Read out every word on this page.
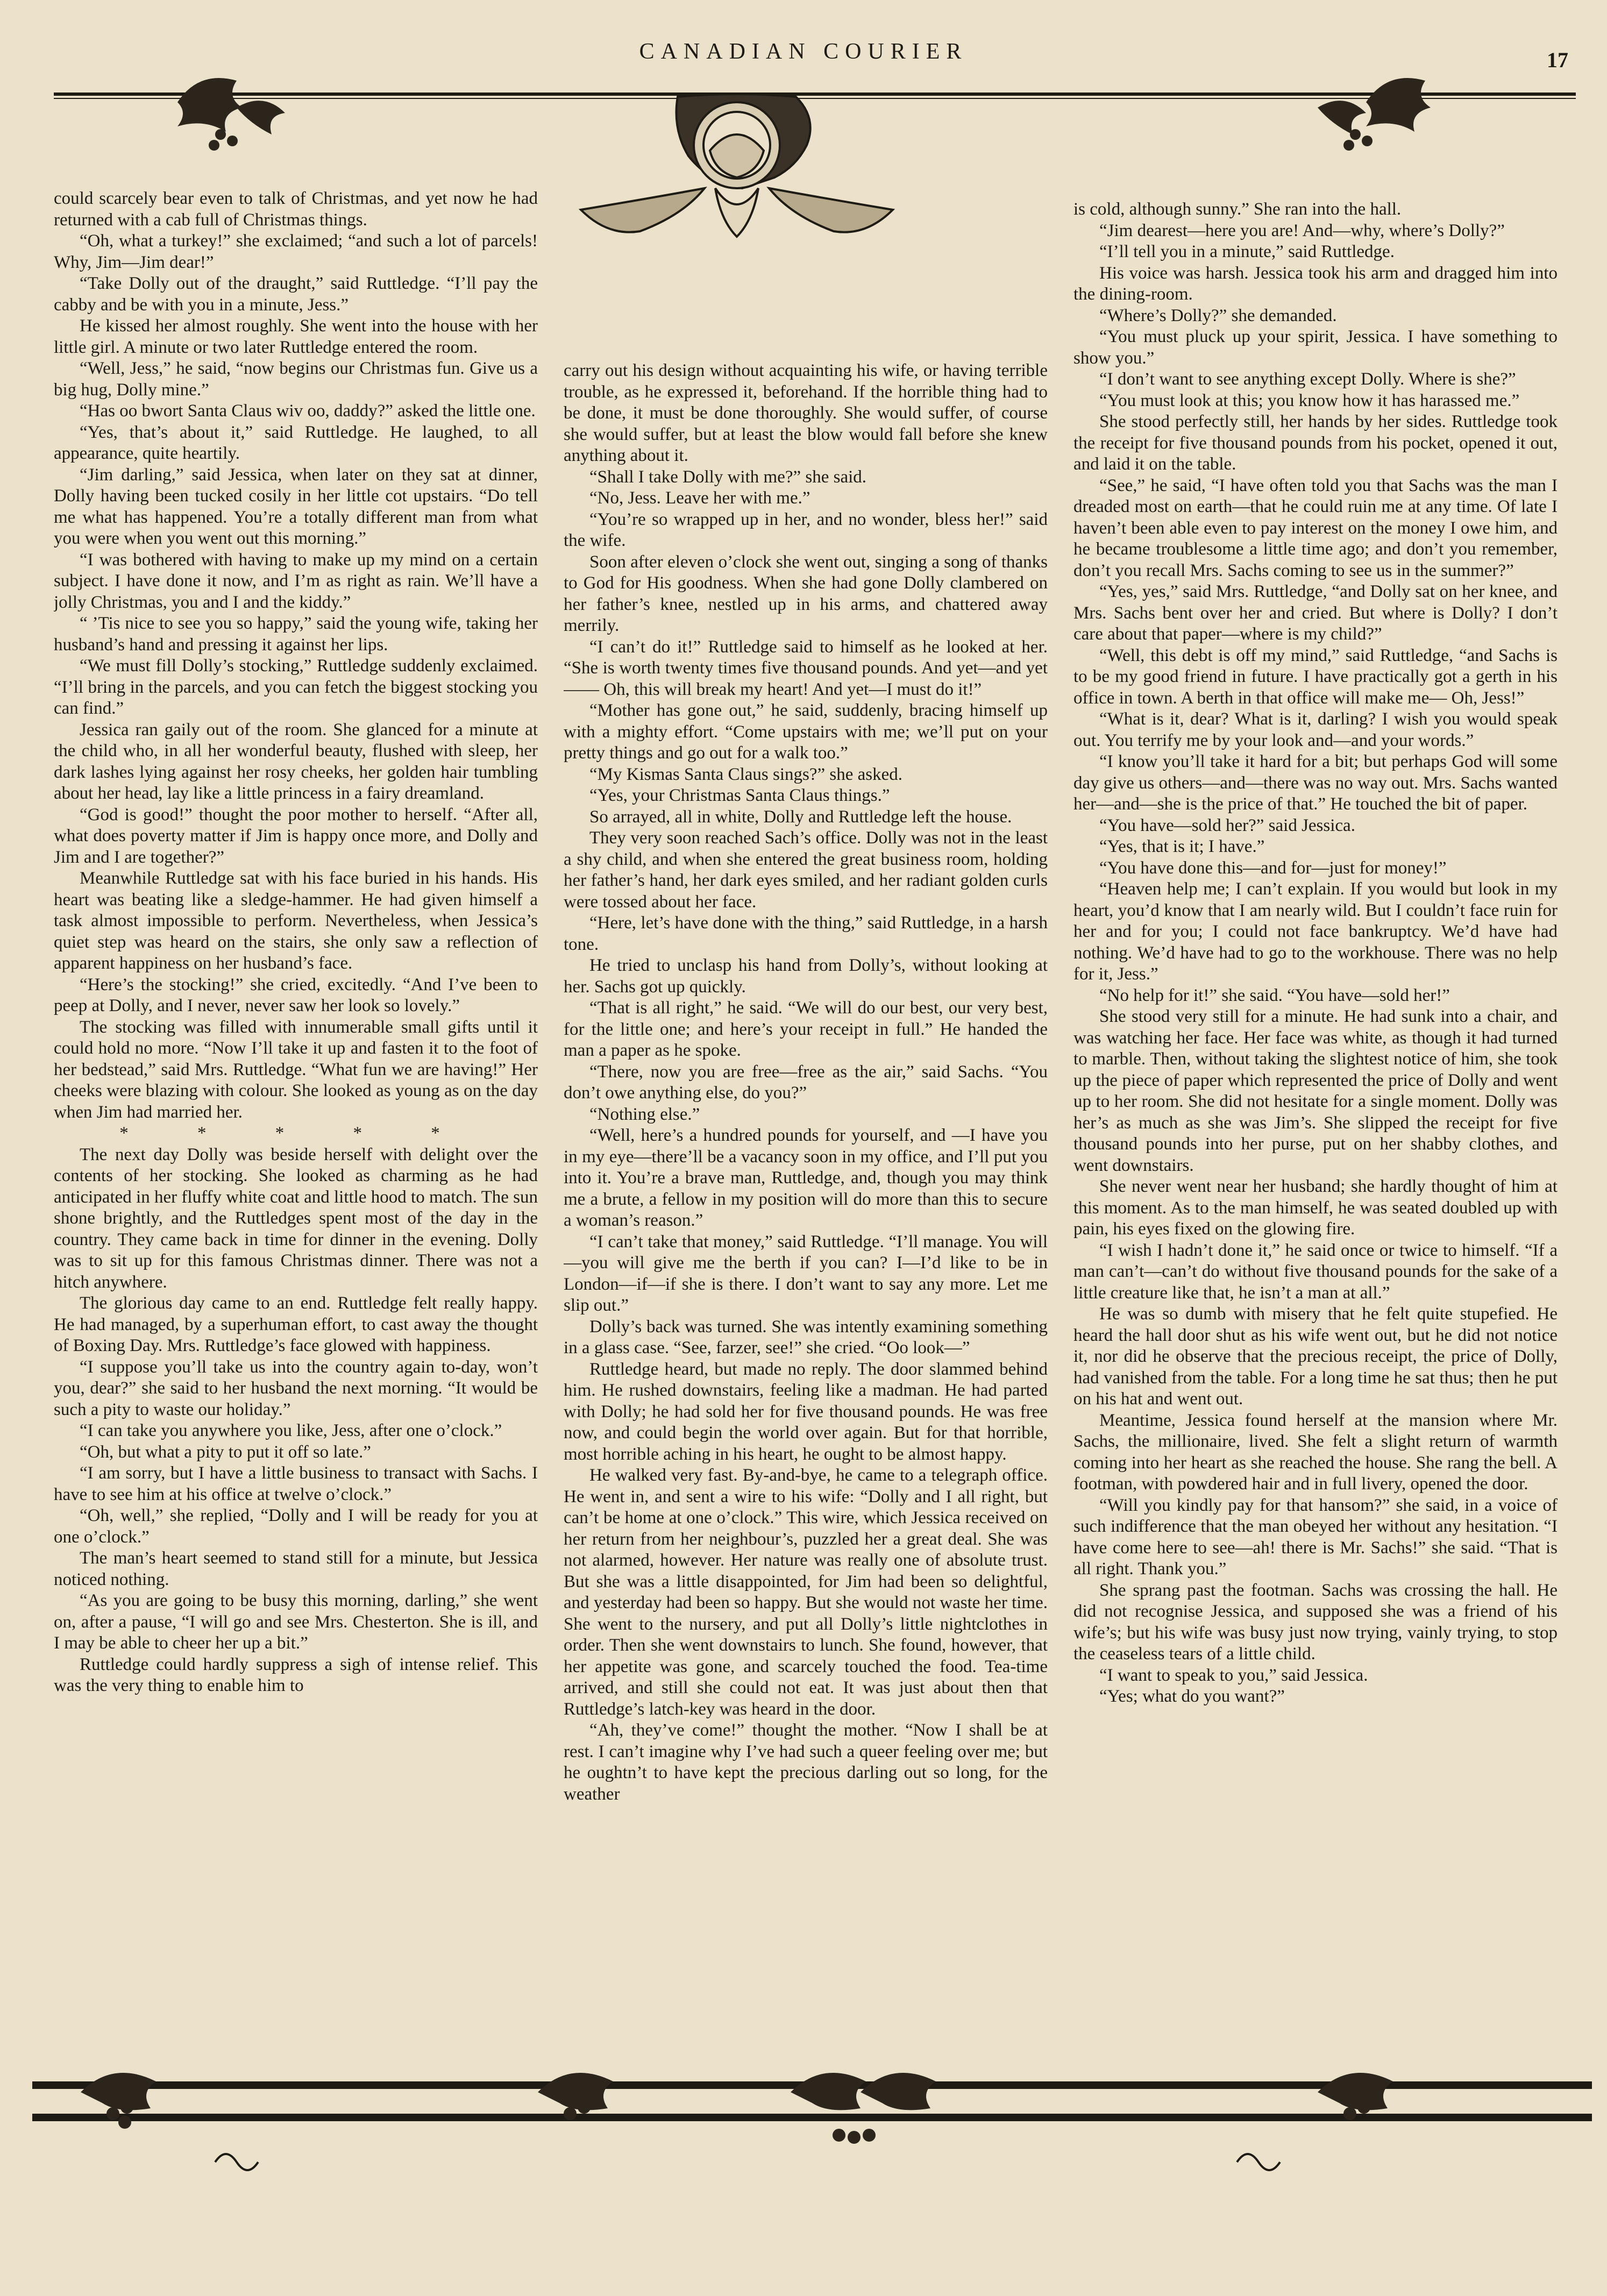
CANADIAN COURIER	17

could scarcely bear even to talk of Christmas, and yet now he had returned with a cab full of Christmas things.

“Oh, what a turkey!” she exclaimed; “and such a lot of parcels! Why, Jim—Jim dear!”

“Take Dolly out of the draught,” said Ruttledge. “I’ll pay the cabby and be with you in a minute, Jess.”

He kissed her almost roughly. She went into the house with her little girl. A minute or two later Ruttledge entered the room.

“Well, Jess,” he said, “now begins our Christmas fun. Give us a big hug, Dolly mine.”

“Has oo bwort Santa Claus wiv oo, daddy?” asked the little one.

“Yes, that’s about it,” said Ruttledge. He laughed, to all appearance, quite heartily.

“Jim darling,” said Jessica, when later on they sat at dinner, Dolly having been tucked cosily in her little cot upstairs. “Do tell me what has happened. You’re a totally different man from what you were when you went out this morning.”

“I was bothered with having to make up my mind on a certain subject. I have done it now, and I’m as right as rain. We’ll have a jolly Christmas, you and I and the kiddy.”

“ ’Tis nice to see you so happy,” said the young wife, taking her husband’s hand and pressing it against her lips.

“We must fill Dolly’s stocking,” Ruttledge suddenly exclaimed. “I’ll bring in the parcels, and you can fetch the biggest stocking you can find.”

Jessica ran gaily out of the room. She glanced for a minute at the child who, in all her wonderful beauty, flushed with sleep, her dark lashes lying against her rosy cheeks, her golden hair tumbling about her head, lay like a little princess in a fairy dreamland.

“God is good!” thought the poor mother to herself. “After all, what does poverty matter if Jim is happy once more, and Dolly and Jim and I are together?”

Meanwhile Ruttledge sat with his face buried in his hands. His heart was beating like a sledge-hammer. He had given himself a task almost impossible to perform. Nevertheless, when Jessica’s quiet step was heard on the stairs, she only saw a reflection of apparent happiness on her husband’s face.

“Here’s the stocking!” she cried, excitedly. “And I’ve been to peep at Dolly, and I never, never saw her look so lovely.”

The stocking was filled with innumerable small gifts until it could hold no more. “Now I’ll take it up and fasten it to the foot of her bedstead,” said Mrs. Ruttledge. “What fun we are having!” Her cheeks were blazing with colour. She looked as young as on the day when Jim had married her.

* * * * *

The next day Dolly was beside herself with delight over the contents of her stocking. She looked as charming as he had anticipated in her fluffy white coat and little hood to match. The sun shone brightly, and the Ruttledges spent most of the day in the country. They came back in time for dinner in the evening. Dolly was to sit up for this famous Christmas dinner. There was not a hitch anywhere.

The glorious day came to an end. Ruttledge felt really happy. He had managed, by a superhuman effort, to cast away the thought of Boxing Day. Mrs. Ruttledge’s face glowed with happiness.

“I suppose you’ll take us into the country again to-day, won’t you, dear?” she said to her husband the next morning. “It would be such a pity to waste our holiday.”

“I can take you anywhere you like, Jess, after one o’clock.”

“Oh, but what a pity to put it off so late.”

“I am sorry, but I have a little business to transact with Sachs. I have to see him at his office at twelve o’clock.”

“Oh, well,” she replied, “Dolly and I will be ready for you at one o’clock.”

The man’s heart seemed to stand still for a minute, but Jessica noticed nothing.

“As you are going to be busy this morning, darling,” she went on, after a pause, “I will go and see Mrs. Chesterton. She is ill, and I may be able to cheer her up a bit.”

Ruttledge could hardly suppress a sigh of intense relief. This was the very thing to enable him to

carry out his design without acquainting his wife, or having terrible trouble, as he expressed it, beforehand. If the horrible thing had to be done, it must be done thoroughly. She would suffer, of course she would suffer, but at least the blow would fall before she knew anything about it.

“Shall I take Dolly with me?” she said.

“No, Jess. Leave her with me.”

“You’re so wrapped up in her, and no wonder, bless her!” said the wife.

Soon after eleven o’clock she went out, singing a song of thanks to God for His goodness. When she had gone Dolly clambered on her father’s knee, nestled up in his arms, and chattered away merrily.

“I can’t do it!” Ruttledge said to himself as he looked at her. “She is worth twenty times five thousand pounds. And yet—and yet—— Oh, this will break my heart! And yet—I must do it!”

“Mother has gone out,” he said, suddenly, bracing himself up with a mighty effort. “Come upstairs with me; we’ll put on your pretty things and go out for a walk too.”

“My Kismas Santa Claus sings?” she asked.

“Yes, your Christmas Santa Claus things.”

So arrayed, all in white, Dolly and Ruttledge left the house.

They very soon reached Sach’s office. Dolly was not in the least a shy child, and when she entered the great business room, holding her father’s hand, her dark eyes smiled, and her radiant golden curls were tossed about her face.

“Here, let’s have done with the thing,” said Ruttledge, in a harsh tone.

He tried to unclasp his hand from Dolly’s, without looking at her. Sachs got up quickly.

“That is all right,” he said. “We will do our best, our very best, for the little one; and here’s your receipt in full.” He handed the man a paper as he spoke.

“There, now you are free—free as the air,” said Sachs. “You don’t owe anything else, do you?”

“Nothing else.”

“Well, here’s a hundred pounds for yourself, and —I have you in my eye—there’ll be a vacancy soon in my office, and I’ll put you into it. You’re a brave man, Ruttledge, and, though you may think me a brute, a fellow in my position will do more than this to secure a woman’s reason.”

“I can’t take that money,” said Ruttledge. “I’ll manage. You will—you will give me the berth if you can? I—I’d like to be in London—if—if she is there. I don’t want to say any more. Let me slip out.”

Dolly’s back was turned. She was intently examining something in a glass case. “See, farzer, see!” she cried. “Oo look—”

Ruttledge heard, but made no reply. The door slammed behind him. He rushed downstairs, feeling like a madman. He had parted with Dolly; he had sold her for five thousand pounds. He was free now, and could begin the world over again. But for that horrible, most horrible aching in his heart, he ought to be almost happy.

He walked very fast. By-and-bye, he came to a telegraph office. He went in, and sent a wire to his wife: “Dolly and I all right, but can’t be home at one o’clock.” This wire, which Jessica received on her return from her neighbour’s, puzzled her a great deal. She was not alarmed, however. Her nature was really one of absolute trust. But she was a little disappointed, for Jim had been so delightful, and yesterday had been so happy. But she would not waste her time. She went to the nursery, and put all Dolly’s little nightclothes in order. Then she went downstairs to lunch. She found, however, that her appetite was gone, and scarcely touched the food. Tea-time arrived, and still she could not eat. It was just about then that Ruttledge’s latch-key was heard in the door.

“Ah, they’ve come!” thought the mother. “Now I shall be at rest. I can’t imagine why I’ve had such a queer feeling over me; but he oughtn’t to have kept the precious darling out so long, for the weather

is cold, although sunny.” She ran into the hall.

“Jim dearest—here you are! And—why, where’s Dolly?”

“I’ll tell you in a minute,” said Ruttledge.

His voice was harsh. Jessica took his arm and dragged him into the dining-room.

“Where’s Dolly?” she demanded.

“You must pluck up your spirit, Jessica. I have something to show you.”

“I don’t want to see anything except Dolly. Where is she?”

“You must look at this; you know how it has harassed me.”

She stood perfectly still, her hands by her sides. Ruttledge took the receipt for five thousand pounds from his pocket, opened it out, and laid it on the table.

“See,” he said, “I have often told you that Sachs was the man I dreaded most on earth—that he could ruin me at any time. Of late I haven’t been able even to pay interest on the money I owe him, and he became troublesome a little time ago; and don’t you remember, don’t you recall Mrs. Sachs coming to see us in the summer?”

“Yes, yes,” said Mrs. Ruttledge, “and Dolly sat on her knee, and Mrs. Sachs bent over her and cried. But where is Dolly? I don’t care about that paper—where is my child?”

“Well, this debt is off my mind,” said Ruttledge, “and Sachs is to be my good friend in future. I have practically got a gerth in his office in town. A berth in that office will make me— Oh, Jess!”

“What is it, dear? What is it, darling? I wish you would speak out. You terrify me by your look and—and your words.”

“I know you’ll take it hard for a bit; but perhaps God will some day give us others—and—there was no way out. Mrs. Sachs wanted her—and—she is the price of that.” He touched the bit of paper.

“You have—sold her?” said Jessica.

“Yes, that is it; I have.”

“You have done this—and for—just for money!”

“Heaven help me; I can’t explain. If you would but look in my heart, you’d know that I am nearly wild. But I couldn’t face ruin for her and for you; I could not face bankruptcy. We’d have had nothing. We’d have had to go to the workhouse. There was no help for it, Jess.”

“No help for it!” she said. “You have—sold her!”

She stood very still for a minute. He had sunk into a chair, and was watching her face. Her face was white, as though it had turned to marble. Then, without taking the slightest notice of him, she took up the piece of paper which represented the price of Dolly and went up to her room. She did not hesitate for a single moment. Dolly was her’s as much as she was Jim’s. She slipped the receipt for five thousand pounds into her purse, put on her shabby clothes, and went downstairs.

She never went near her husband; she hardly thought of him at this moment. As to the man himself, he was seated doubled up with pain, his eyes fixed on the glowing fire.

“I wish I hadn’t done it,” he said once or twice to himself. “If a man can’t—can’t do without five thousand pounds for the sake of a little creature like that, he isn’t a man at all.”

He was so dumb with misery that he felt quite stupefied. He heard the hall door shut as his wife went out, but he did not notice it, nor did he observe that the precious receipt, the price of Dolly, had vanished from the table. For a long time he sat thus; then he put on his hat and went out.

Meantime, Jessica found herself at the mansion where Mr. Sachs, the millionaire, lived. She felt a slight return of warmth coming into her heart as she reached the house. She rang the bell. A footman, with powdered hair and in full livery, opened the door.

“Will you kindly pay for that hansom?” she said, in a voice of such indifference that the man obeyed her without any hesitation. “I have come here to see—ah! there is Mr. Sachs!” she said. “That is all right. Thank you.”

She sprang past the footman. Sachs was crossing the hall. He did not recognise Jessica, and supposed she was a friend of his wife’s; but his wife was busy just now trying, vainly trying, to stop the ceaseless tears of a little child.

“I want to speak to you,” said Jessica.

“Yes; what do you want?”
